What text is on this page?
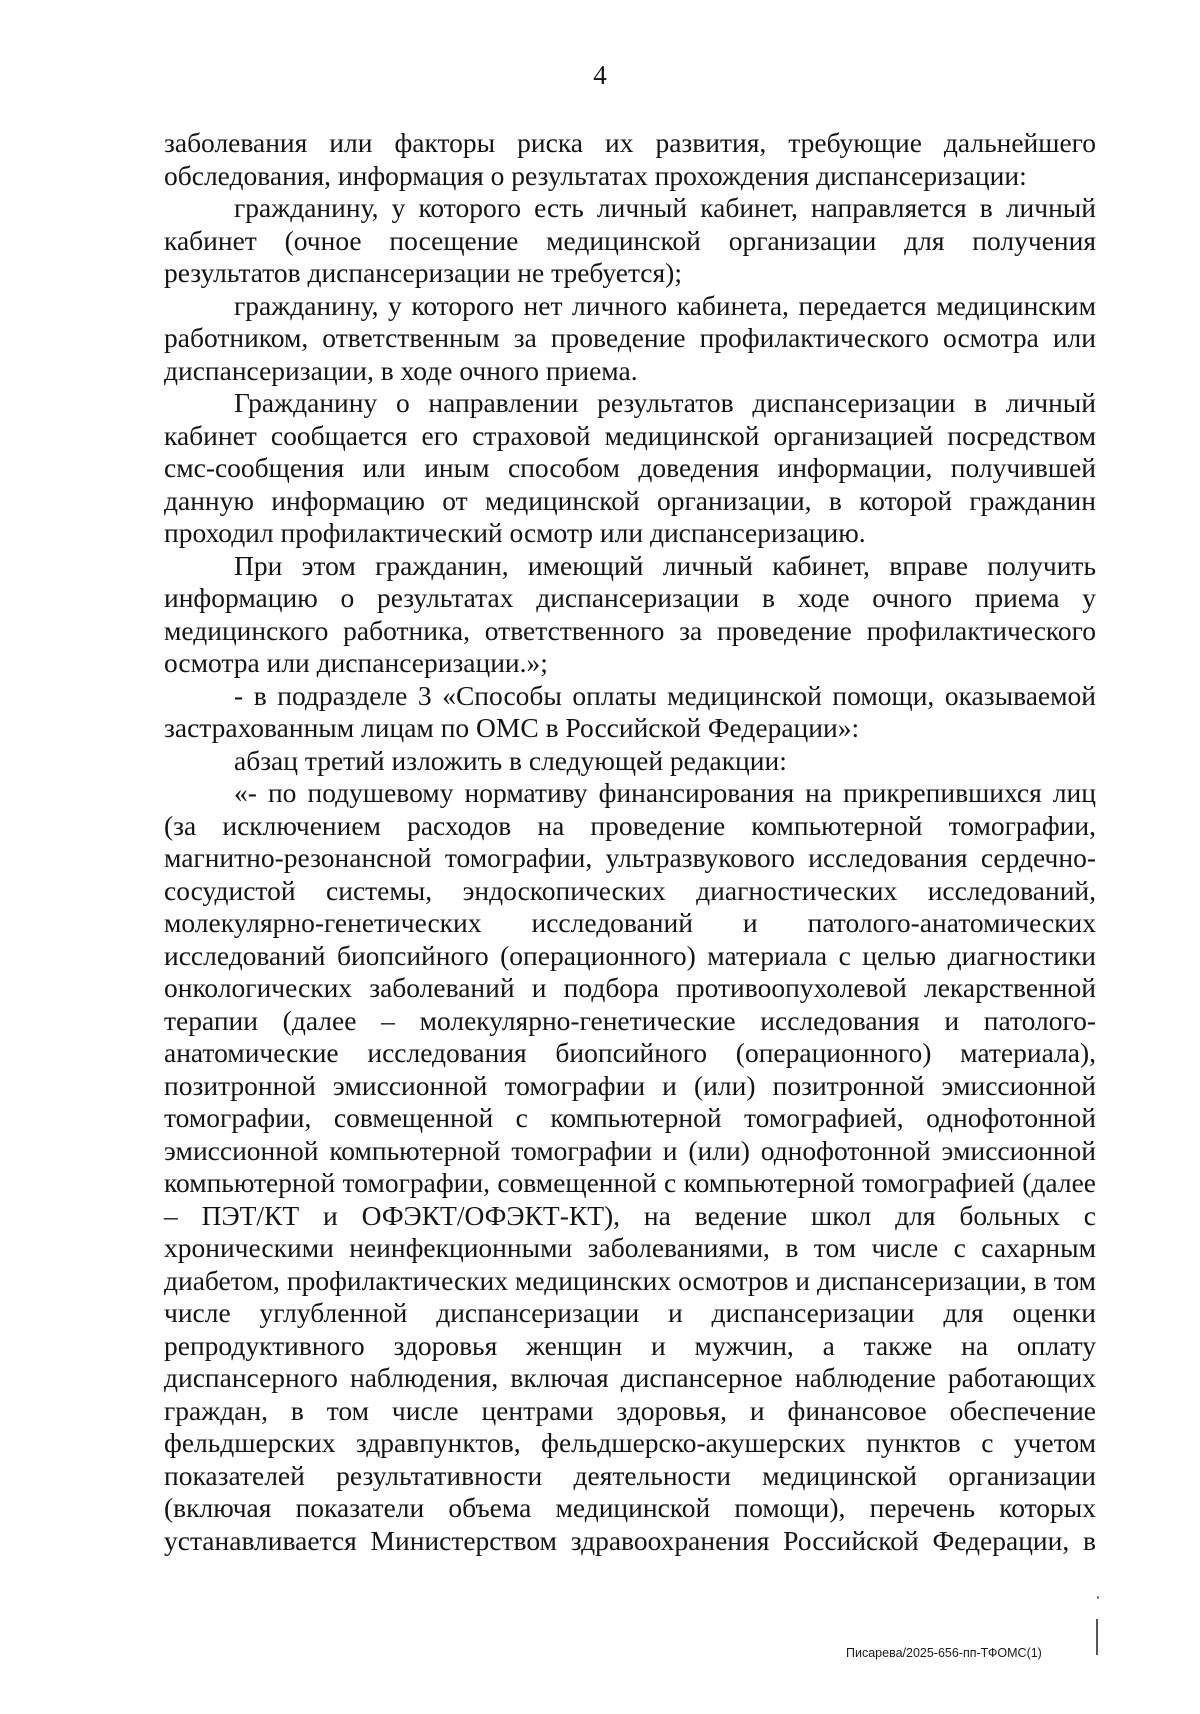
4

заболевания или факторы риска их развития, требующие дальнейшего обследования, информация о результатах прохождения диспансеризации:

гражданину, у которого есть личный кабинет, направляется в личный кабинет (очное посещение медицинской организации для получения результатов диспансеризации не требуется);

гражданину, у которого нет личного кабинета, передается медицинским работником, ответственным за проведение профилактического осмотра или диспансеризации, в ходе очного приема.

Гражданину о направлении результатов диспансеризации в личный кабинет сообщается его страховой медицинской организацией посредством смс-сообщения или иным способом доведения информации, получившей данную информацию от медицинской организации, в которой гражданин проходил профилактический осмотр или диспансеризацию.

При этом гражданин, имеющий личный кабинет, вправе получить информацию о результатах диспансеризации в ходе очного приема у медицинского работника, ответственного за проведение профилактического осмотра или диспансеризации.»;

- в подразделе 3 «Способы оплаты медицинской помощи, оказываемой застрахованным лицам по ОМС в Российской Федерации»:

абзац третий изложить в следующей редакции:

«- по подушевому нормативу финансирования на прикрепившихся лиц (за исключением расходов на проведение компьютерной томографии, магнитно-резонансной томографии, ультразвукового исследования сердечно-сосудистой системы, эндоскопических диагностических исследований, молекулярно-генетических исследований и патолого-анатомических исследований биопсийного (операционного) материала с целью диагностики онкологических заболеваний и подбора противоопухолевой лекарственной терапии (далее – молекулярно-генетические исследования и патолого-анатомические исследования биопсийного (операционного) материала), позитронной эмиссионной томографии и (или) позитронной эмиссионной томографии, совмещенной с компьютерной томографией, однофотонной эмиссионной компьютерной томографии и (или) однофотонной эмиссионной компьютерной томографии, совмещенной с компьютерной томографией (далее – ПЭТ/КТ и ОФЭКТ/ОФЭКТ-КТ), на ведение школ для больных с хроническими неинфекционными заболеваниями, в том числе с сахарным диабетом, профилактических медицинских осмотров и диспансеризации, в том числе углубленной диспансеризации и диспансеризации для оценки репродуктивного здоровья женщин и мужчин, а также на оплату диспансерного наблюдения, включая диспансерное наблюдение работающих граждан, в том числе центрами здоровья, и финансовое обеспечение фельдшерских здравпунктов, фельдшерско-акушерских пунктов с учетом показателей результативности деятельности медицинской организации (включая показатели объема медицинской помощи), перечень которых устанавливается Министерством здравоохранения Российской Федерации, в

Писарева/2025-656-пп-ТФОМС(1)
